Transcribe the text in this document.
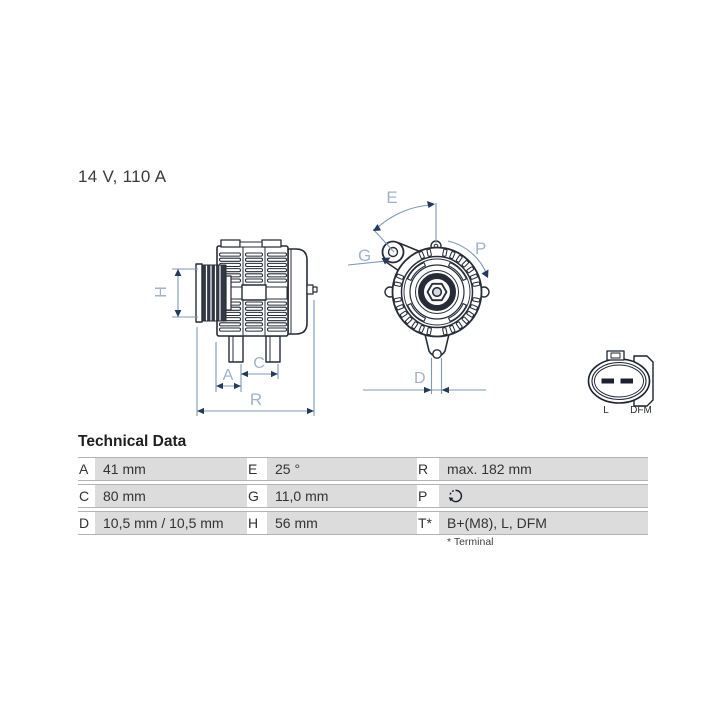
14 V, 110 A
H
A
C
R
E
G	P
D
L DFM
Technical Data
A	41 mm	E	25 °	R	max. 182 mm
C 80 mm	G	11,0 mm	P
D 10,5 mm / 10,5 mm	H	56 mm	T*	B+(M8), L, DFM
* Terminal
